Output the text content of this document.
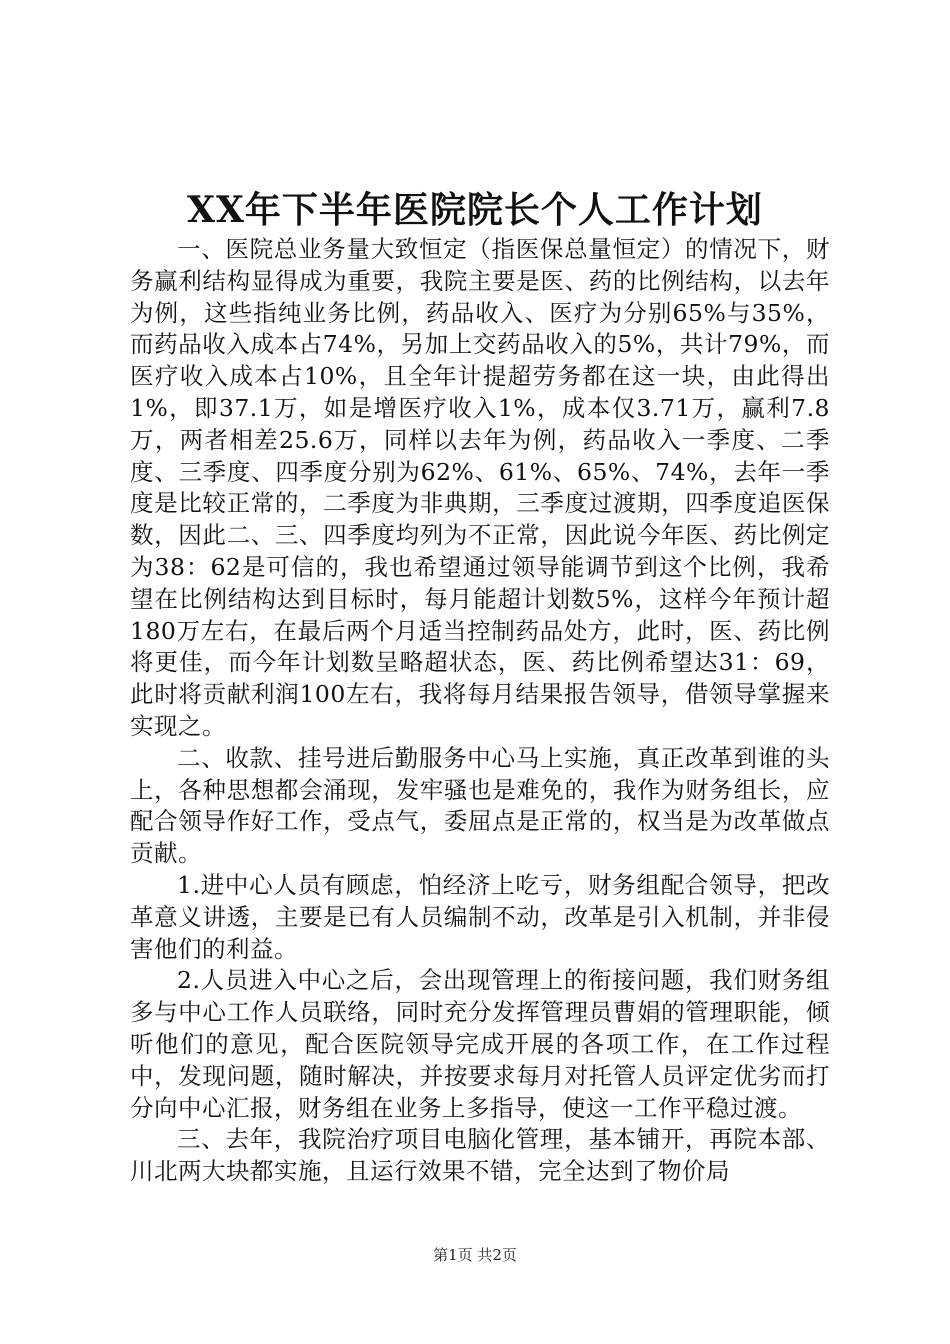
XX年下半年医院院长个人工作计划

一、医院总业务量大致恒定（指医保总量恒定）的情况下，财务赢利结构显得成为重要，我院主要是医、药的比例结构，以去年为例，这些指纯业务比例，药品收入、医疗为分别65%与35%，而药品收入成本占74%，另加上交药品收入的5%，共计79%，而医疗收入成本占10%，且全年计提超劳务都在这一块，由此得出1%，即37.1万，如是增医疗收入1%，成本仅3.71万，赢利7.8万，两者相差25.6万，同样以去年为例，药品收入一季度、二季度、三季度、四季度分别为62%、61%、65%、74%，去年一季度是比较正常的，二季度为非典期，三季度过渡期，四季度追医保数，因此二、三、四季度均列为不正常，因此说今年医、药比例定为38：62是可信的，我也希望通过领导能调节到这个比例，我希望在比例结构达到目标时，每月能超计划数5%，这样今年预计超180万左右，在最后两个月适当控制药品处方，此时，医、药比例将更佳，而今年计划数呈略超状态，医、药比例希望达31：69，此时将贡献利润100左右，我将每月结果报告领导，借领导掌握来实现之。

二、收款、挂号进后勤服务中心马上实施，真正改革到谁的头上，各种思想都会涌现，发牢骚也是难免的，我作为财务组长，应配合领导作好工作，受点气，委屈点是正常的，权当是为改革做点贡献。

1.进中心人员有顾虑，怕经济上吃亏，财务组配合领导，把改革意义讲透，主要是已有人员编制不动，改革是引入机制，并非侵害他们的利益。

2.人员进入中心之后，会出现管理上的衔接问题，我们财务组多与中心工作人员联络，同时充分发挥管理员曹娟的管理职能，倾听他们的意见，配合医院领导完成开展的各项工作，在工作过程中，发现问题，随时解决，并按要求每月对托管人员评定优劣而打分向中心汇报，财务组在业务上多指导，使这一工作平稳过渡。

三、去年，我院治疗项目电脑化管理，基本铺开，再院本部、川北两大块都实施，且运行效果不错，完全达到了物价局

第1页 共2页
